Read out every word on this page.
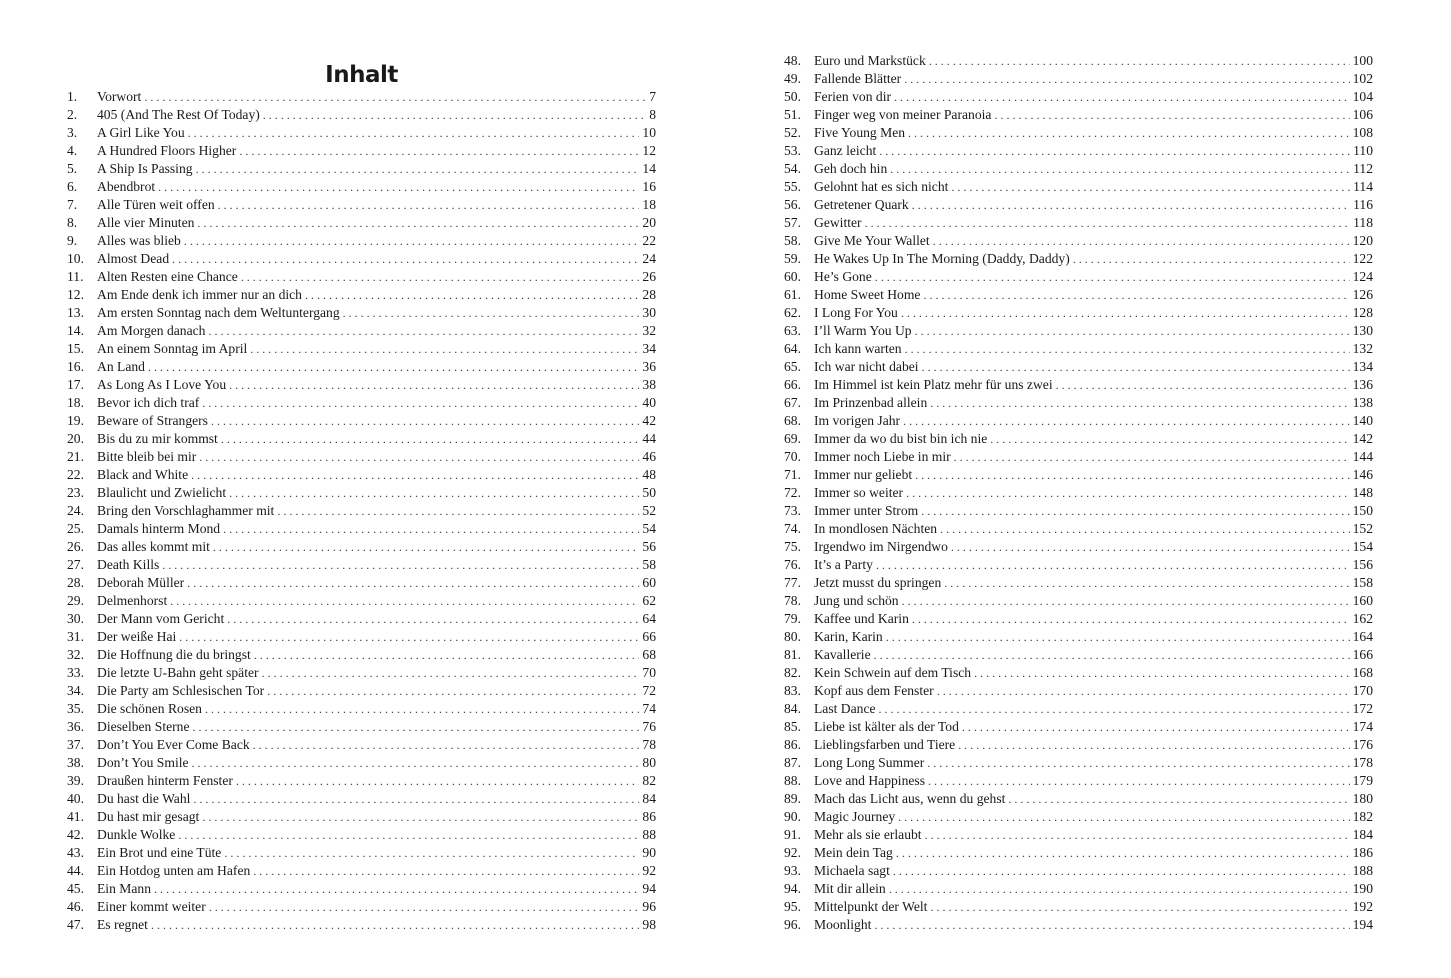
Inhalt
1.	Vorwort . . .	7
2.	405 (And The Rest Of Today) . . .	8
3.	A Girl Like You . . .	10
4.	A Hundred Floors Higher . . .	12
5.	A Ship Is Passing . . .	14
6.	Abendbrot . . .	16
7.	Alle Türen weit offen . . .	18
8.	Alle vier Minuten . . .	20
9.	Alles was blieb . . .	22
10. Almost Dead . . .	24
11. Alten Resten eine Chance . . .	26
12. Am Ende denk ich immer nur an dich . . .	28
13. Am ersten Sonntag nach dem Weltuntergang . . .	30
14. Am Morgen danach . . .	32
15. An einem Sonntag im April . . .	34
16. An Land . . .	36
17. As Long As I Love You . . .	38
18. Bevor ich dich traf . . .	40
19. Beware of Strangers . . .	42
20. Bis du zu mir kommst . . .	44
21. Bitte bleib bei mir . . .	46
22. Black and White . . .	48
23. Blaulicht und Zwielicht . . .	50
24. Bring den Vorschlaghammer mit . . .	52
25. Damals hinterm Mond . . .	54
26. Das alles kommt mit . . .	56
27. Death Kills . . .	58
28. Deborah Müller . . .	60
29. Delmenhorst . . .	62
30. Der Mann vom Gericht . . .	64
31. Der weiße Hai . . .	66
32. Die Hoffnung die du bringst . . .	68
33. Die letzte U-Bahn geht später . . .	70
34. Die Party am Schlesischen Tor . . .	72
35. Die schönen Rosen . . .	74
36. Dieselben Sterne . . .	76
37. Don’t You Ever Come Back . . .	78
38. Don’t You Smile . . .	80
39. Draußen hinterm Fenster . . .	82
40. Du hast die Wahl . . .	84
41. Du hast mir gesagt . . .	86
42. Dunkle Wolke . . .	88
43. Ein Brot und eine Tüte . . .	90
44. Ein Hotdog unten am Hafen . . .	92
45. Ein Mann . . .	94
46. Einer kommt weiter . . .	96
47. Es regnet . . .	98
48. Euro und Markstück . . .	100
49. Fallende Blätter . . .	102
50. Ferien von dir . . .	104
51. Finger weg von meiner Paranoia . . .	106
52. Five Young Men . . .	108
53. Ganz leicht . . .	110
54. Geh doch hin . . .	112
55. Gelohnt hat es sich nicht . . .	114
56. Getretener Quark . . .	116
57. Gewitter . . .	118
58. Give Me Your Wallet . . .	120
59. He Wakes Up In The Morning (Daddy, Daddy) . . .	122
60. He’s Gone . . .	124
61. Home Sweet Home . . .	126
62. I Long For You . . .	128
63. I’ll Warm You Up . . .	130
64. Ich kann warten . . .	132
65. Ich war nicht dabei . . .	134
66. Im Himmel ist kein Platz mehr für uns zwei . . .	136
67. Im Prinzenbad allein . . .	138
68. Im vorigen Jahr . . .	140
69. Immer da wo du bist bin ich nie . . .	142
70. Immer noch Liebe in mir . . .	144
71. Immer nur geliebt . . .	146
72. Immer so weiter . . .	148
73. Immer unter Strom . . .	150
74. In mondlosen Nächten . . .	152
75. Irgendwo im Nirgendwo . . .	154
76. It’s a Party . . .	156
77. Jetzt musst du springen . . .	158
78. Jung und schön . . .	160
79. Kaffee und Karin . . .	162
80. Karin, Karin . . .	164
81. Kavallerie . . .	166
82. Kein Schwein auf dem Tisch . . .	168
83. Kopf aus dem Fenster . . .	170
84. Last Dance . . .	172
85. Liebe ist kälter als der Tod . . .	174
86. Lieblingsfarben und Tiere . . .	176
87. Long Long Summer . . .	178
88. Love and Happiness . . .	179
89. Mach das Licht aus, wenn du gehst . . .	180
90. Magic Journey . . .	182
91. Mehr als sie erlaubt . . .	184
92. Mein dein Tag . . .	186
93. Michaela sagt . . .	188
94. Mit dir allein . . .	190
95. Mittelpunkt der Welt . . .	192
96. Moonlight . . .	194
